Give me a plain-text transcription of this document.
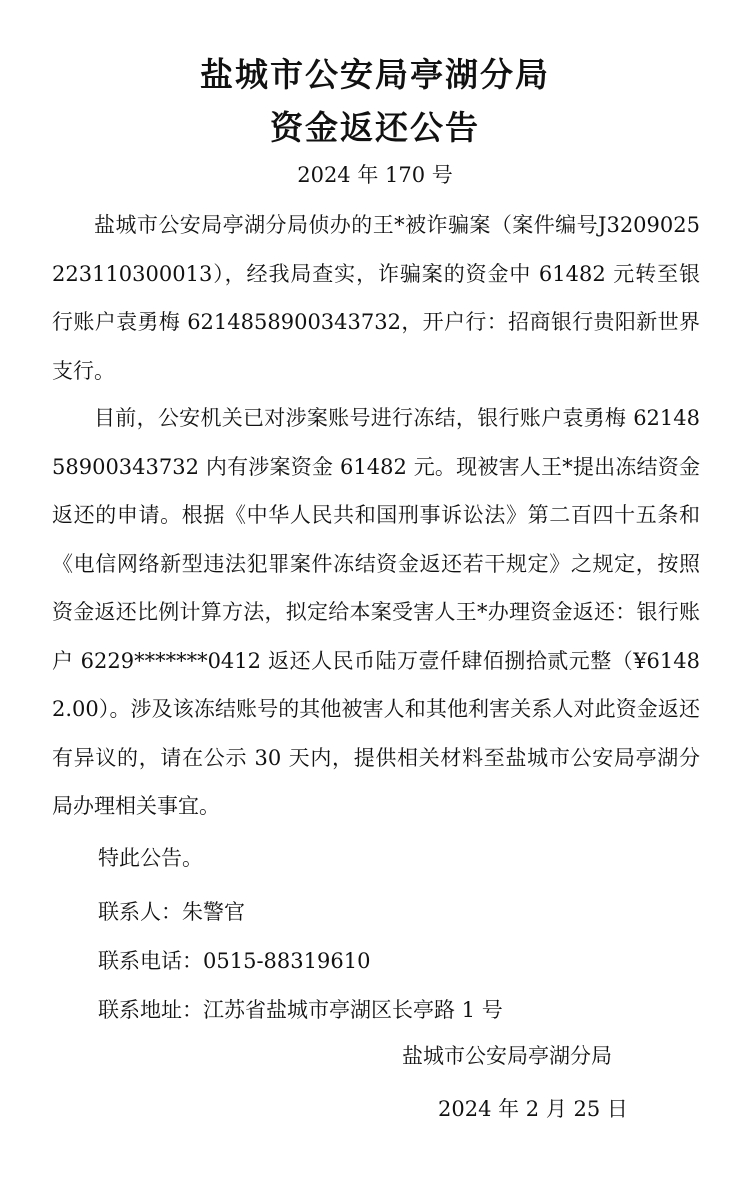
盐城市公安局亭湖分局
资金返还公告
2024 年 170 号

盐城市公安局亭湖分局侦办的王*被诈骗案（案件编号J3209025223110300013），经我局查实，诈骗案的资金中 61482 元转至银行账户袁勇梅 6214858900343732，开户行：招商银行贵阳新世界支行。

目前，公安机关已对涉案账号进行冻结，银行账户袁勇梅 6214858900343732 内有涉案资金 61482 元。现被害人王*提出冻结资金返还的申请。根据《中华人民共和国刑事诉讼法》第二百四十五条和《电信网络新型违法犯罪案件冻结资金返还若干规定》之规定，按照资金返还比例计算方法，拟定给本案受害人王*办理资金返还：银行账户 6229*******0412 返还人民币陆万壹仟肆佰捌拾贰元整（¥61482.00）。涉及该冻结账号的其他被害人和其他利害关系人对此资金返还有异议的，请在公示 30 天内，提供相关材料至盐城市公安局亭湖分局办理相关事宜。

特此公告。
联系人：朱警官
联系电话：0515-88319610
联系地址：江苏省盐城市亭湖区长亭路 1 号
盐城市公安局亭湖分局
2024 年 2 月 25 日
